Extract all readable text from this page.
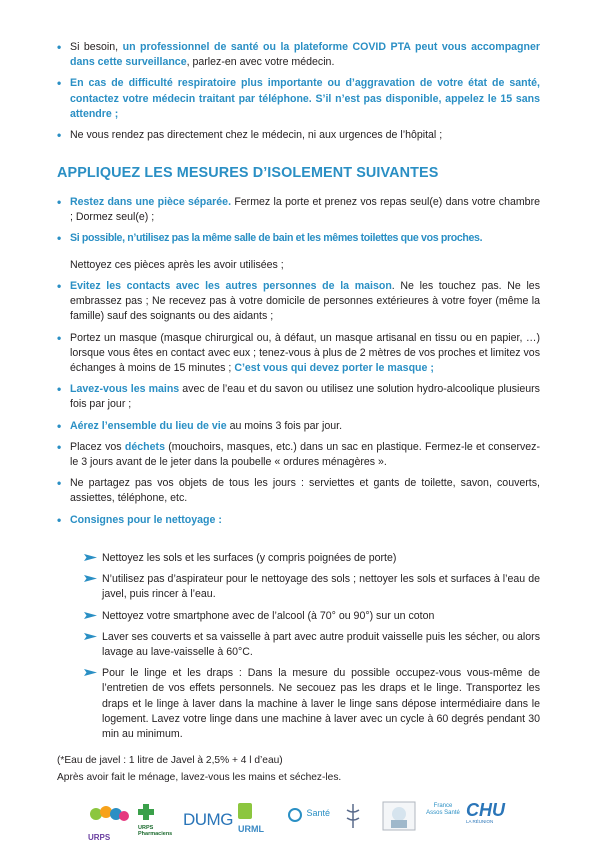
• Si besoin, un professionnel de santé ou la plateforme COVID PTA peut vous accompagner dans cette surveillance, parlez-en avec votre médecin.
• En cas de difficulté respiratoire plus importante ou d’aggravation de votre état de santé, contactez votre médecin traitant par téléphone. S’il n’est pas disponible, appelez le 15 sans attendre ;
• Ne vous rendez pas directement chez le médecin, ni aux urgences de l’hôpital ;
APPLIQUEZ LES MESURES D’ISOLEMENT SUIVANTES
• Restez dans une pièce séparée. Fermez la porte et prenez vos repas seul(e) dans votre chambre ; Dormez seul(e) ;
• Si possible, n’utilisez pas la même salle de bain et les mêmes toilettes que vos proches.
Nettoyez ces pièces après les avoir utilisées ;
• Evitez les contacts avec les autres personnes de la maison. Ne les touchez pas. Ne les embrassez pas ; Ne recevez pas à votre domicile de personnes extérieures à votre foyer (même la famille) sauf des soignants ou des aidants ;
• Portez un masque (masque chirurgical ou, à défaut, un masque artisanal en tissu ou en papier, …) lorsque vous êtes en contact avec eux ; tenez-vous à plus de 2 mètres de vos proches et limitez vos échanges à moins de 15 minutes ; C’est vous qui devez porter le masque ;
• Lavez-vous les mains avec de l’eau et du savon ou utilisez une solution hydro-alcoolique plusieurs fois par jour ;
• Aérez l’ensemble du lieu de vie au moins 3 fois par jour.
• Placez vos déchets (mouchoirs, masques, etc.) dans un sac en plastique. Fermez-le et conservez-le 3 jours avant de le jeter dans la poubelle « ordures ménagères ».
• Ne partagez pas vos objets de tous les jours : serviettes et gants de toilette, savon, couverts, assiettes, téléphone, etc.
• Consignes pour le nettoyage :
Nettoyez les sols et les surfaces (y compris poignées de porte)
N’utilisez pas d’aspirateur pour le nettoyage des sols ; nettoyer les sols et surfaces à l’eau de javel, puis rincer à l’eau.
Nettoyez votre smartphone avec de l’alcool (à 70° ou 90°) sur un coton
Laver ses couverts et sa vaisselle à part avec autre produit vaisselle puis les sécher, ou alors lavage au lave-vaisselle à 60°C.
Pour le linge et les draps : Dans la mesure du possible occupez-vous vous-même de l’entretien de vos effets personnels. Ne secouez pas les draps et le linge. Transportez les draps et le linge à laver dans la machine à laver le linge sans dépose intermédiaire dans le logement. Lavez votre linge dans une machine à laver avec un cycle à 60 degrés pendant 30 min au minimum.
(*Eau de javel : 1 litre de Javel à 2,5% + 4 l d’eau)
Après avoir fait le ménage, lavez-vous les mains et séchez-les.
URPS
URPS Pharmaciens
DUMG URML
$^{Santé}$
France Assos Santé CHU
LA RÉUNION
